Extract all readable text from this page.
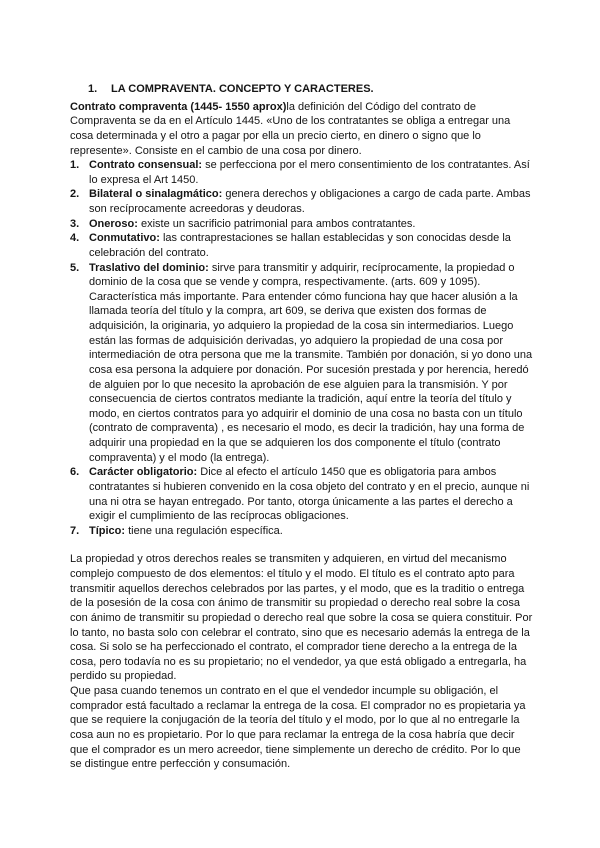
1.	LA COMPRAVENTA. CONCEPTO Y CARACTERES.

Contrato compraventa (1445- 1550 aprox)la definición del Código del contrato de Compraventa se da en el Artículo 1445. «Uno de los contratantes se obliga a entregar una cosa determinada y el otro a pagar por ella un precio cierto, en dinero o signo que lo represente». Consiste en el cambio de una cosa por dinero.

1. Contrato consensual: se perfecciona por el mero consentimiento de los contratantes. Así lo expresa el Art 1450.
2. Bilateral o sinalagmático: genera derechos y obligaciones a cargo de cada parte. Ambas son recíprocamente acreedoras y deudoras.
3. Oneroso: existe un sacrificio patrimonial para ambos contratantes.
4. Conmutativo: las contraprestaciones se hallan establecidas y son conocidas desde la celebración del contrato.
5. Traslativo del dominio: sirve para transmitir y adquirir, recíprocamente, la propiedad o dominio de la cosa que se vende y compra, respectivamente. (arts. 609 y 1095). Característica más importante. Para entender cómo funciona hay que hacer alusión a la llamada teoría del título y la compra, art 609, se deriva que existen dos formas de adquisición, la originaria, yo adquiero la propiedad de la cosa sin intermediarios. Luego están las formas de adquisición derivadas, yo adquiero la propiedad de una cosa por intermediación de otra persona que me la transmite. También por donación, si yo dono una cosa esa persona la adquiere por donación. Por sucesión prestada y por herencia, heredó de alguien por lo que necesito la aprobación de ese alguien para la transmisión. Y por consecuencia de ciertos contratos mediante la tradición, aquí entre la teoría del título y modo, en ciertos contratos para yo adquirir el dominio de una cosa no basta con un título (contrato de compraventa) , es necesario el modo, es decir la tradición, hay una forma de adquirir una propiedad en la que se adquieren los dos componente el título (contrato compraventa) y el modo (la entrega).
6. Carácter obligatorio: Dice al efecto el artículo 1450 que es obligatoria para ambos contratantes si hubieren convenido en la cosa objeto del contrato y en el precio, aunque ni una ni otra se hayan entregado. Por tanto, otorga únicamente a las partes el derecho a exigir el cumplimiento de las recíprocas obligaciones.
7. Típico: tiene una regulación específica.

La propiedad y otros derechos reales se transmiten y adquieren, en virtud del mecanismo complejo compuesto de dos elementos: el título y el modo. El título es el contrato apto para transmitir aquellos derechos celebrados por las partes, y el modo, que es la traditio o entrega de la posesión de la cosa con ánimo de transmitir su propiedad o derecho real sobre la cosa con ánimo de transmitir su propiedad o derecho real que sobre la cosa se quiera constituir. Por lo tanto, no basta solo con celebrar el contrato, sino que es necesario además la entrega de la cosa. Si solo se ha perfeccionado el contrato, el comprador tiene derecho a la entrega de la cosa, pero todavía no es su propietario; no el vendedor, ya que está obligado a entregarla, ha perdido su propiedad.

Que pasa cuando tenemos un contrato en el que el vendedor incumple su obligación, el comprador está facultado a reclamar la entrega de la cosa. El comprador no es propietaria ya que se requiere la conjugación de la teoría del título y el modo, por lo que al no entregarle la cosa aun no es propietario. Por lo que para reclamar la entrega de la cosa habría que decir que el comprador es un mero acreedor, tiene simplemente un derecho de crédito. Por lo que se distingue entre perfección y consumación.
